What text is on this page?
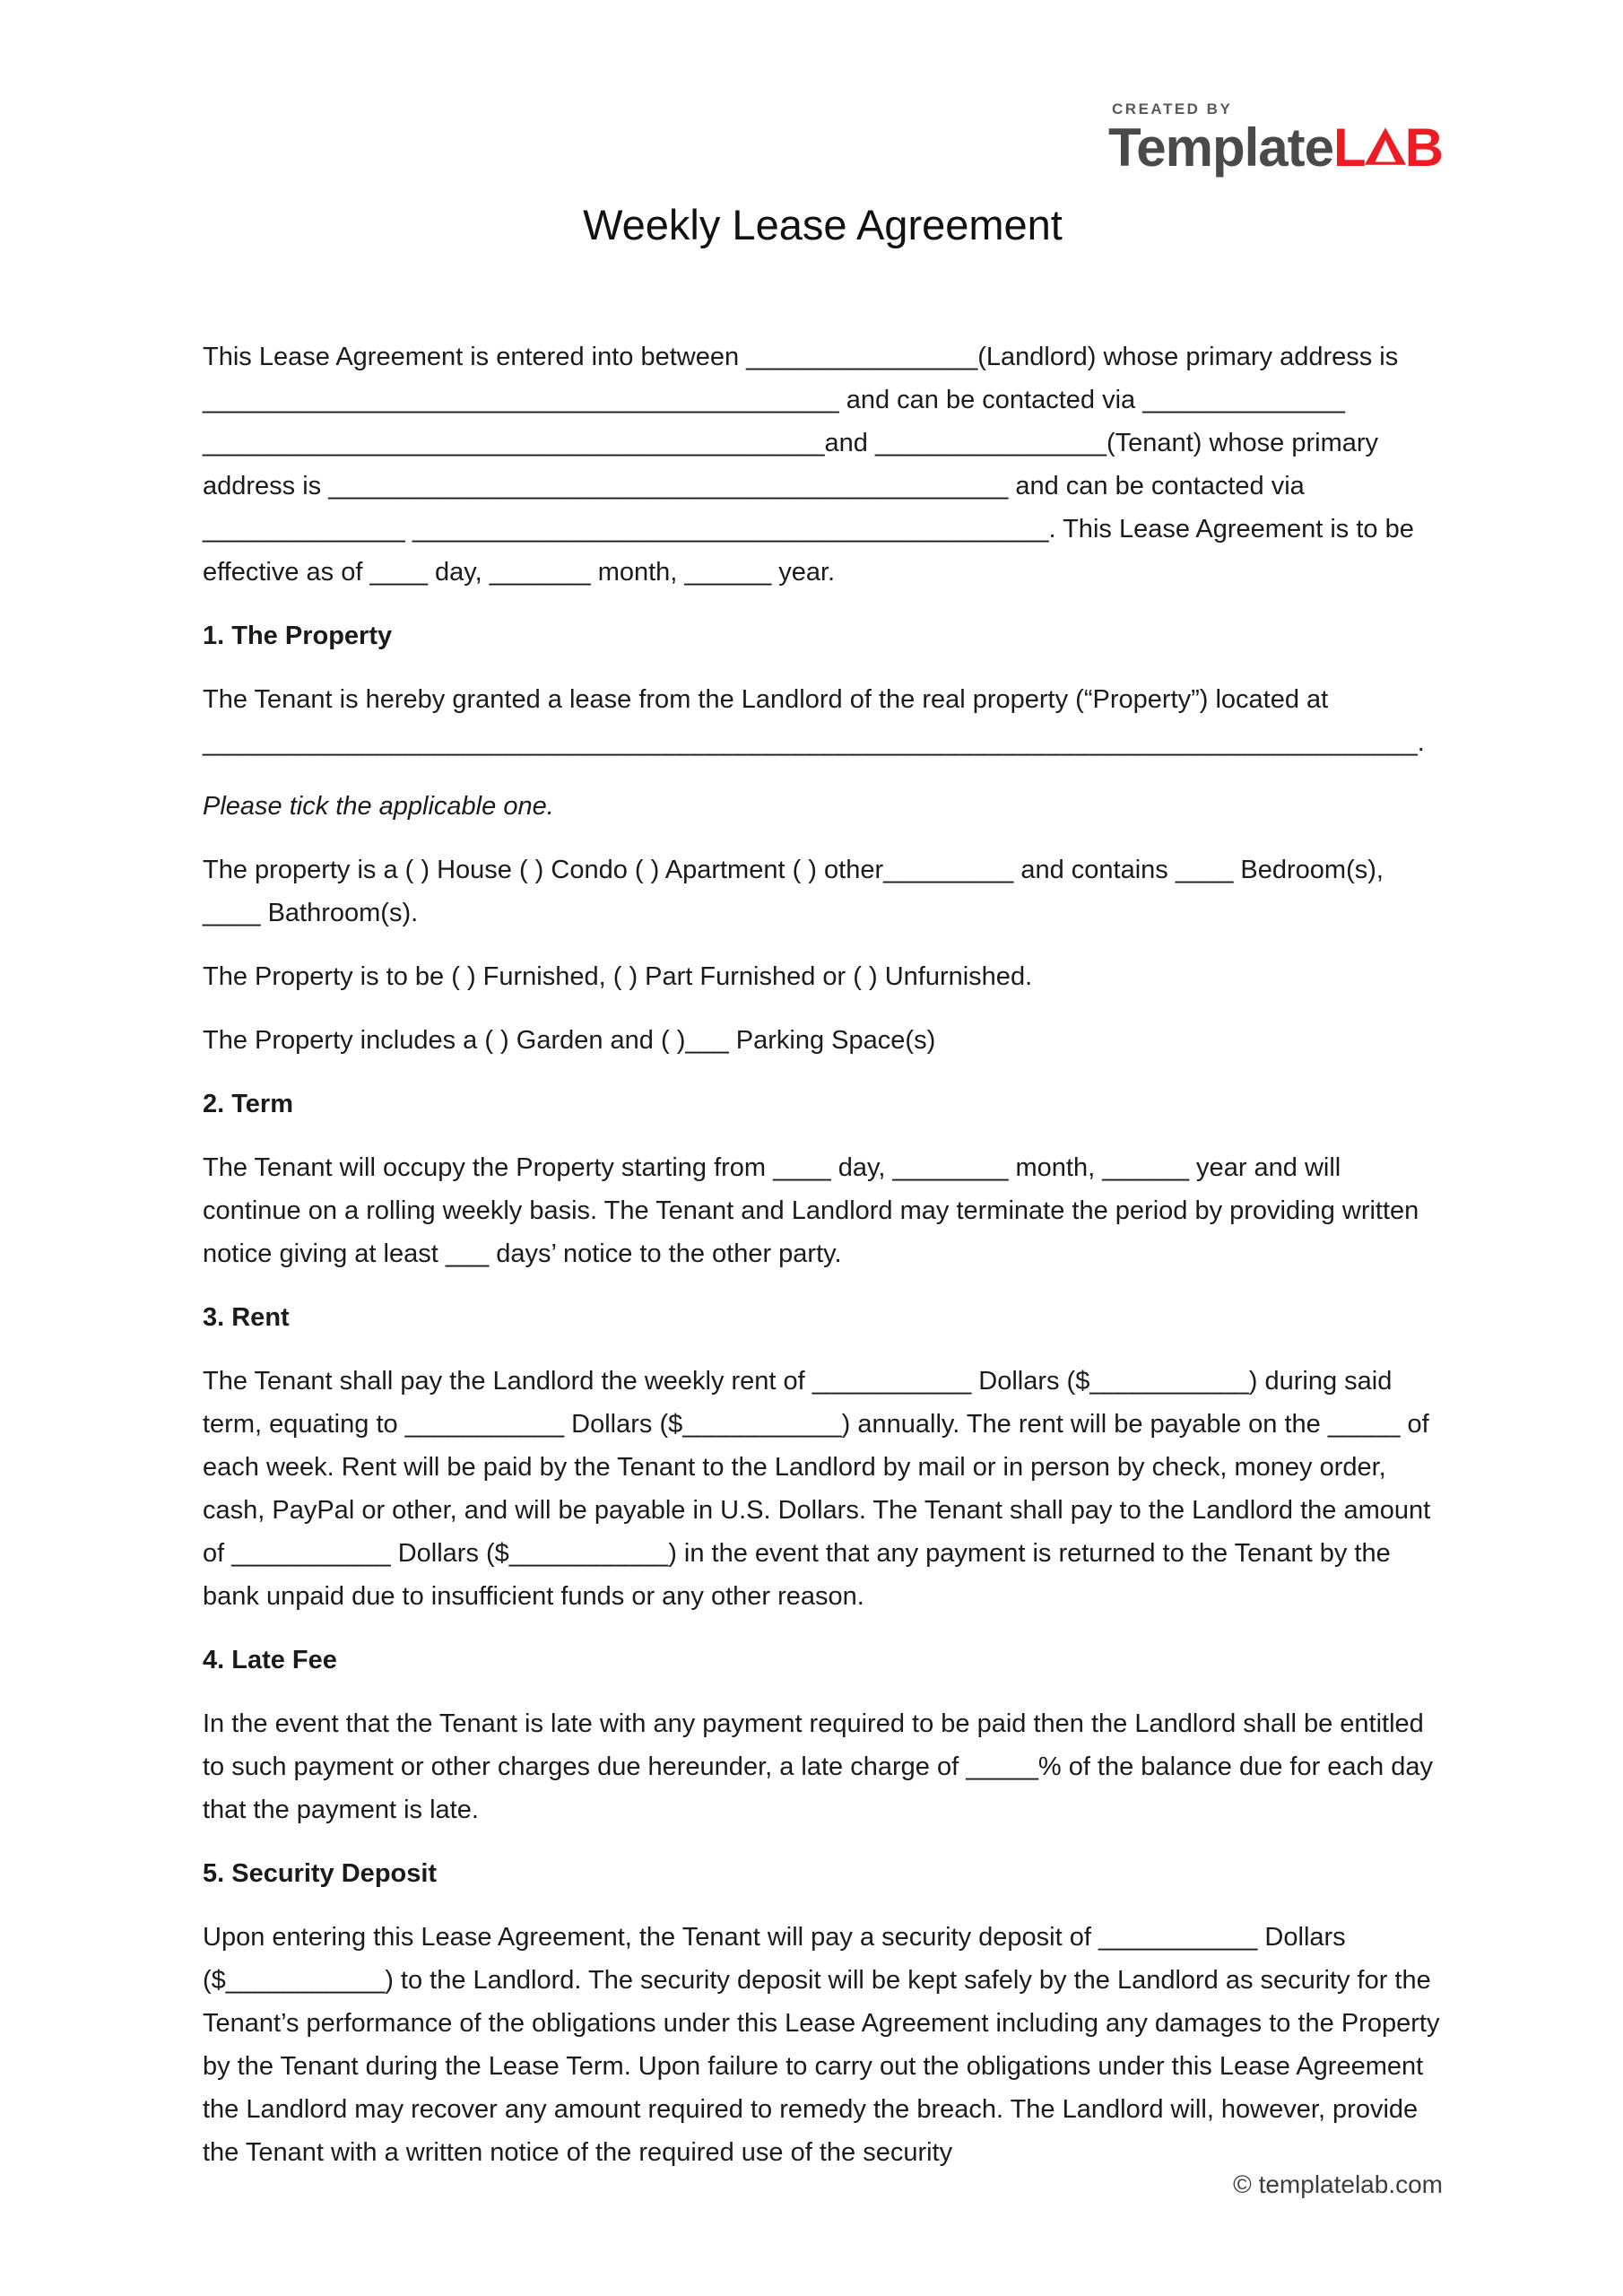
CREATED BY
TemplateL B
Weekly Lease Agreement

This Lease Agreement is entered into between ________________(Landlord) whose primary address is ____________________________________________ and can be contacted via ______________ ___________________________________________and ________________(Tenant) whose primary address is _______________________________________________ and can be contacted via ______________ ____________________________________________. This Lease Agreement is to be effective as of ____ day, _______ month, ______ year.

1. The Property

The Tenant is hereby granted a lease from the Landlord of the real property (“Property”) located at ____________________________________________________________________________________.

Please tick the applicable one.

The property is a ( ) House ( ) Condo ( ) Apartment ( ) other_________ and contains ____ Bedroom(s), ____ Bathroom(s).

The Property is to be ( ) Furnished, ( ) Part Furnished or ( ) Unfurnished.

The Property includes a ( ) Garden and ( )___ Parking Space(s)

2. Term

The Tenant will occupy the Property starting from ____ day, ________ month, ______ year and will continue on a rolling weekly basis. The Tenant and Landlord may terminate the period by providing written notice giving at least ___ days’ notice to the other party.

3. Rent

The Tenant shall pay the Landlord the weekly rent of ___________ Dollars ($___________) during said term, equating to ___________ Dollars ($___________) annually. The rent will be payable on the _____ of each week. Rent will be paid by the Tenant to the Landlord by mail or in person by check, money order, cash, PayPal or other, and will be payable in U.S. Dollars. The Tenant shall pay to the Landlord the amount of ___________ Dollars ($___________) in the event that any payment is returned to the Tenant by the bank unpaid due to insufficient funds or any other reason.

4. Late Fee

In the event that the Tenant is late with any payment required to be paid then the Landlord shall be entitled to such payment or other charges due hereunder, a late charge of _____% of the balance due for each day that the payment is late.

5. Security Deposit

Upon entering this Lease Agreement, the Tenant will pay a security deposit of ___________ Dollars ($___________) to the Landlord. The security deposit will be kept safely by the Landlord as security for the Tenant’s performance of the obligations under this Lease Agreement including any damages to the Property by the Tenant during the Lease Term. Upon failure to carry out the obligations under this Lease Agreement the Landlord may recover any amount required to remedy the breach. The Landlord will, however, provide the Tenant with a written notice of the required use of the security

© templatelab.com
